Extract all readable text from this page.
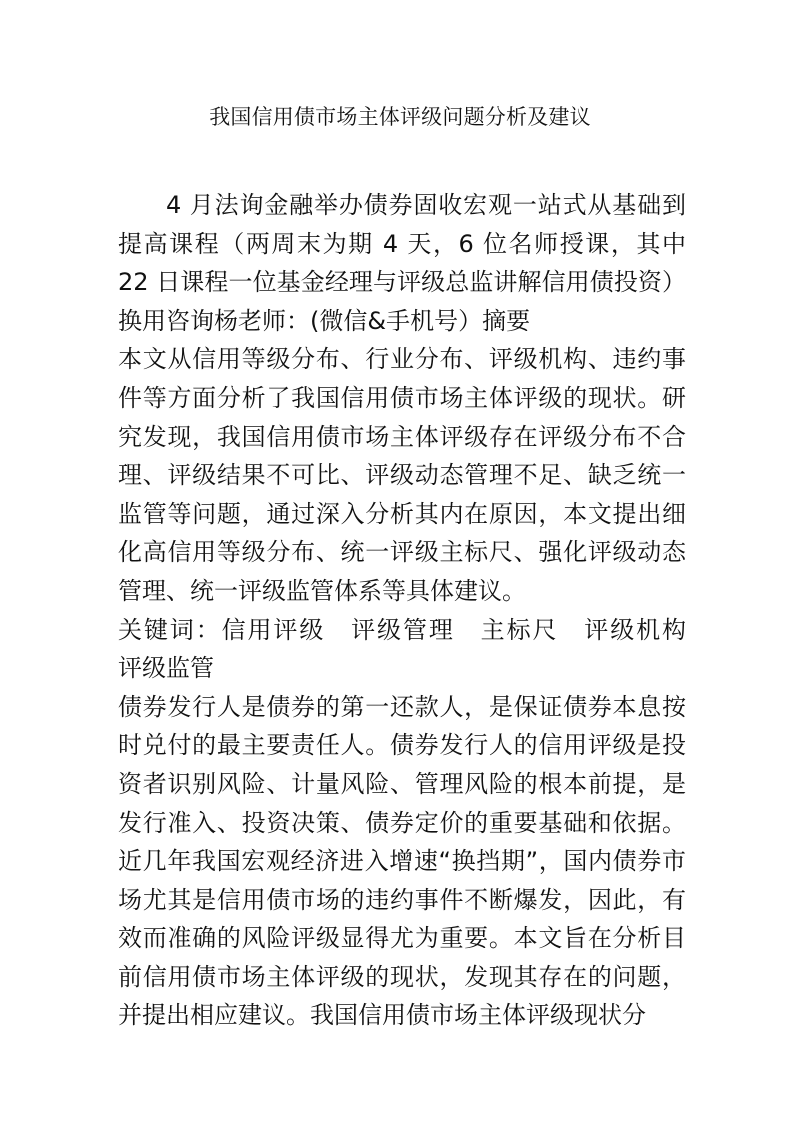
我国信用债市场主体评级问题分析及建议

4 月法询金融举办债券固收宏观一站式从基础到提高课程（两周末为期 4 天，6 位名师授课，其中 22 日课程一位基金经理与评级总监讲解信用债投资）换用咨询杨老师：(微信&手机号）摘要

本文从信用等级分布、行业分布、评级机构、违约事件等方面分析了我国信用债市场主体评级的现状。研究发现，我国信用债市场主体评级存在评级分布不合理、评级结果不可比、评级动态管理不足、缺乏统一监管等问题，通过深入分析其内在原因，本文提出细化高信用等级分布、统一评级主标尺、强化评级动态管理、统一评级监管体系等具体建议。

关键词：信用评级　评级管理　主标尺　评级机构　评级监管

债券发行人是债券的第一还款人，是保证债券本息按时兑付的最主要责任人。债券发行人的信用评级是投资者识别风险、计量风险、管理风险的根本前提，是发行准入、投资决策、债券定价的重要基础和依据。近几年我国宏观经济进入增速“换挡期”，国内债券市场尤其是信用债市场的违约事件不断爆发，因此，有效而准确的风险评级显得尤为重要。本文旨在分析目前信用债市场主体评级的现状，发现其存在的问题，并提出相应建议。我国信用债市场主体评级现状分
